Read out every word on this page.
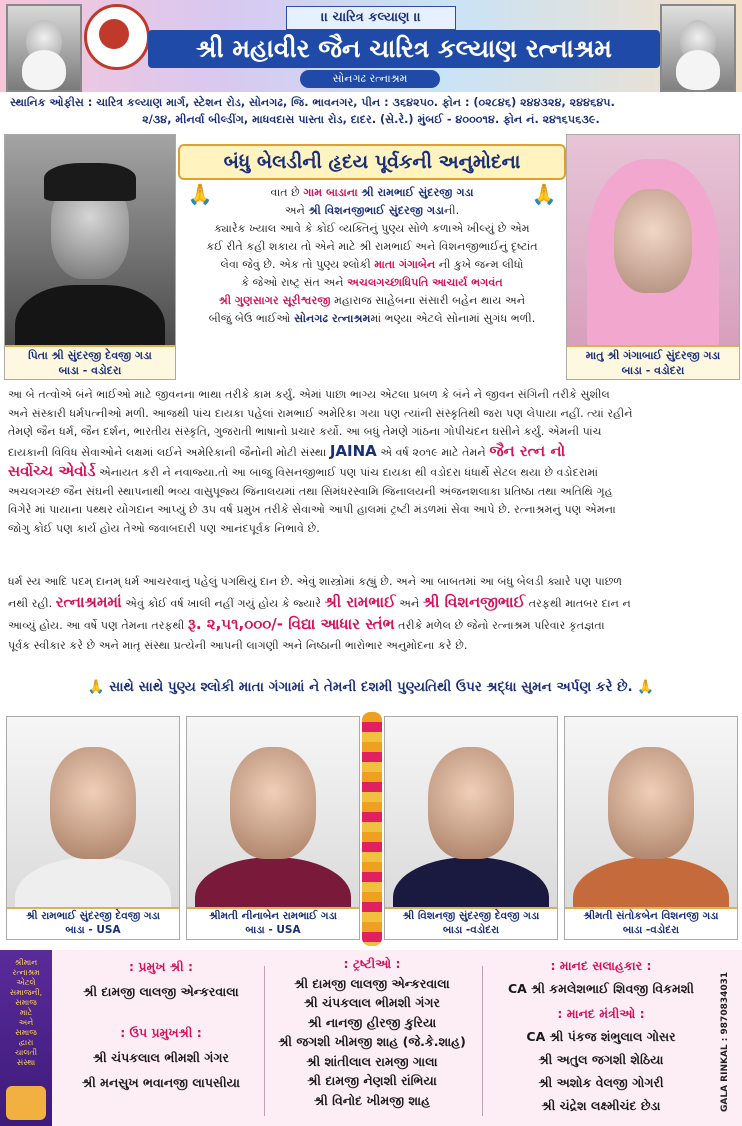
।। ચારિત્ર કલ્યાણ ।।
શ્રી મહાવીર જૈન ચારિત્ર કલ્યાણ રત્નાશ્રમ
સોનગઢ રત્નાશ્રમ
સ્થાનિક ઓફીસ : ચારિત્ર કલ્યાણ માર્ગ, સ્ટેશન રોડ, સોનગઢ, જિ. ભાવનગર, પીન : ૩૬૪૨૫૦. ફોન : (૦૨૮૪૬) ૨૪૪૩૨૪, ૨૪૪૬૪૫.
૨/૩૪, મીનર્વા બીલ્ડીંગ, માધવદાસ પાસ્તા રોડ, દાદર. (સે.રે.) મુંબઈ - ૪૦૦૦૧૪. ફોન નં. ૨૪૧૬૫૬૩૯.
પિતા શ્રી સુંદરજી દેવજી ગડા
બાડા - વડોદરા
માતુ શ્રી ગંગાબાઈ સુંદરજી ગડા
બાડા - વડોદરા
બંધુ બેલડીની હૃદય પૂર્વકની અનુમોદના
🙏	🙏
વાત છે ગામ બાડાના શ્રી રામભાઈ સુંદરજી ગડા
અને શ્રી વિશનજીભાઈ સુંદરજી ગડાની.
ક્યારેક ખ્યાલ આવે કે કોઈ વ્યક્તિનું પુણ્ય સોળે કળાએ ખીલ્યું છે એમ
કઈ રીતે કહી શકાય તો એને માટે શ્રી રામભાઈ અને વિશનજીભાઈનું દૃષ્ટાંત
લેવા જેવું છે. એક તો પુણ્ય શ્લોકી માતા ગંગાબેન ની કુખે જન્મ લીધો
કે જેઓ રાષ્ટ્ર સંત અને અચલગચ્છાધિપતિ આચાર્ય ભગવંત
શ્રી ગુણસાગર સૂરીશ્વરજી મહારાજ સાહેબના સંસારી બહેન થાય અને
બીજું બેઉ ભાઈઓ સોનગઢ રત્નાશ્રમમાં ભણ્યા એટલે સોનામાં સુગંધ ભળી.
આ બે તત્વોએ બંને ભાઈઓ માટે જીવનના ભાથા તરીકે કામ કર્યું. એમાં પાછા ભાગ્ય એટલા પ્રબળ કે બંને ને જીવન સંગિની તરીકે સુશીલ
અને સંસ્કારી ધર્મપત્નીઓ મળી. આજથી પાંચ દાયકા પહેલાં રામભાઈ અમેરિકા ગયા પણ ત્યાંની સંસ્કૃતિથી જરા પણ લેપાયા નહીં. ત્યાં રહીને
તેમણે જૈન ધર્મ, જૈન દર્શન, ભારતીય સંસ્કૃતિ, ગુજરાતી ભાષાનો પ્રચાર કર્યો. આ બધું તેમણે ગાંઠના ગોપીચંદન ઘસીને કર્યું. એમની પાંચ
દાયકાની વિવિધ સેવાઓને લક્ષમાં લઈને અમેરિકાની જૈનોની મોટી સંસ્થા JAINA એ વર્ષ ૨૦૧૯ માટે તેમને જૈન રત્ન નો
સર્વોચ્ચ એવોર્ડ એનાયત કરી ને નવાજ્યા.તો આ બાજુ વિસનજીભાઈ પણ પાંચ દાયકા થી વડોદરા ધંધાર્થે સેટલ થયા છે વડોદરામાં
અચલગચ્છ જૈન સંઘની સ્થાપનાથી ભવ્ય વાસુપૂજ્ય જિનાલયમાં તથા સિમંધરસ્વામિ જિનાલયની અંજનશલાકા પ્રતિષ્ઠા તથા અતિથિ ગૃહ
વિગેરે માં પાયાના પથ્થર યોગદાન આપ્યું છે ૩૫ વર્ષ પ્રમુખ તરીકે સેવાઓ આપી હાલમાં ટ્રષ્ટી મંડળમાં સેવા આપે છે. રત્નાશ્રમનું પણ એમના
જોગુ કોઈ પણ કાર્ય હોય તેઓ જવાબદારી પણ આનંદપૂર્વક નિભાવે છે.
ધર્મ સ્ય આદિ પદમ્ દાનમ્ ધર્મ આચરવાનું પહેલું પગથિયું દાન છે. એવું શાસ્ત્રોમાં કહ્યું છે. અને આ બાબતમાં આ બંધુ બેલડી ક્યારે પણ પાછળ
નથી રહી. રત્નાશ્રમમાં એવું કોઈ વર્ષ ખાલી નહીં ગયું હોય કે જ્યારે શ્રી રામભાઈ અને શ્રી વિશનજીભાઈ તરફથી માતબર દાન ન
આવ્યું હોય. આ વર્ષે પણ તેમના તરફથી રૂ. ૨,૫૧,૦૦૦/- વિદ્યા આધાર સ્તંભ તરીકે મળેલ છે જેનો રત્નાશ્રમ પરિવાર કૃતજ્ઞતા
પૂર્વક સ્વીકાર કરે છે અને માતૃ સંસ્થા પ્રત્યેની આપની લાગણી અને નિષ્ઠાની ભારોભાર અનુમોદના કરે છે.
🙏 સાથે સાથે પુણ્ય શ્લોકી માતા ગંગામાં ને તેમની દશમી પુણ્યતિથી ઉપર શ્રદ્ધા સુમન અર્પણ કરે છે. 🙏
શ્રી રામભાઈ સુંદરજી દેવજી ગડા
બાડા - USA
શ્રીમતી નીનાબેન રામભાઈ ગડા
બાડા - USA
શ્રી વિશનજી સુંદરજી દેવજી ગડા
બાડા -વડોદરા
શ્રીમતી સંતોકબેન વિશનજી ગડા
બાડા -વડોદરા
શ્રીમાન
રત્નાશ્રમ
એટલે
સમાજની,
સમાજ
માટે
અને
સમાજ
દ્વારા
ચાલતી
સંસ્થા
: પ્રમુખ શ્રી :
શ્રી દામજી લાલજી એન્કરવાલા
: ઉપ પ્રમુખશ્રી :
શ્રી ચંપકલાલ ભીમશી ગંગર
શ્રી મનસુખ ભવાનજી લાપસીયા
: ટ્રષ્ટીઓ :
શ્રી દામજી લાલજી એન્કરવાલા
શ્રી ચંપકલાલ ભીમશી ગંગર
શ્રી નાનજી હીરજી કુરિયા
શ્રી જગશી ખીમજી શાહ (જે.કે.શાહ)
શ્રી શાંતીલાલ રામજી ગાલા
શ્રી દામજી નેણશી રાંભિયા
શ્રી વિનોદ ખીમજી શાહ
: માનદ સલાહકાર :
CA શ્રી કમલેશભાઈ શિવજી વિકમશી
: માનદ મંત્રીઓ :
CA શ્રી પંકજ શંભુલાલ ગોસર
શ્રી અતુલ જગશી શેઠિયા
શ્રી અશોક વેલજી ગોગરી
શ્રી ચંદ્રેશ લક્ષ્મીચંદ છેડા	GALA RINKAL : 9870834031
